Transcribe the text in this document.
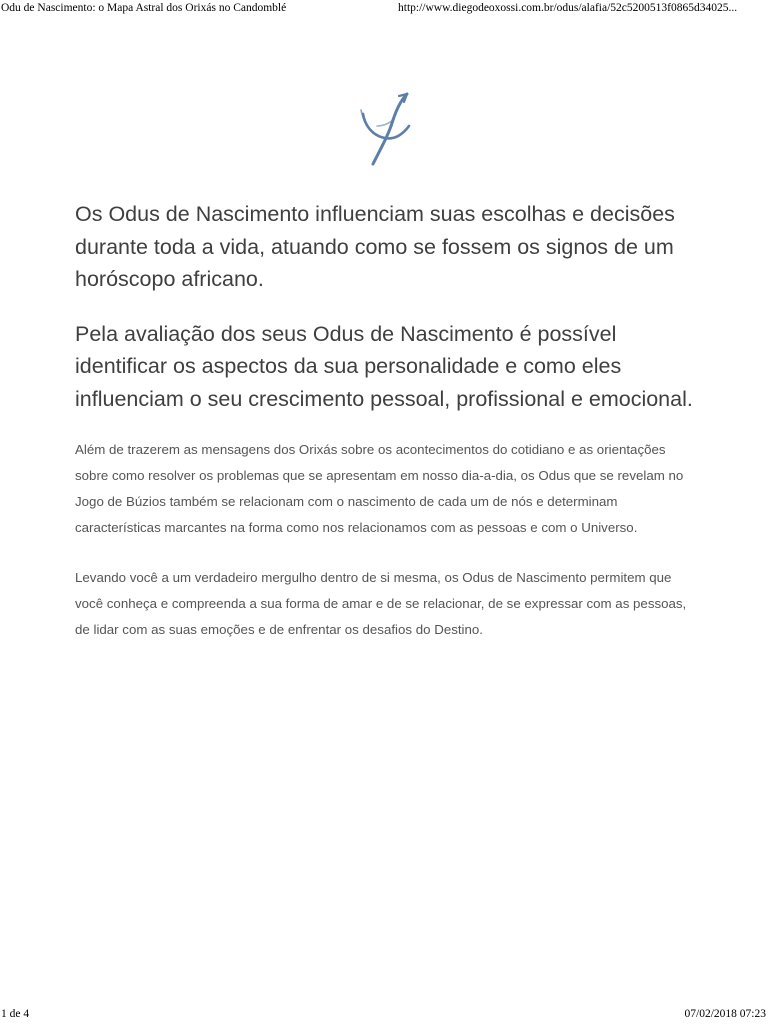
Odu de Nascimento: o Mapa Astral dos Orixás no Candomblé	http://www.diegodeoxossi.com.br/odus/alafia/52c5200513f0865d34025...

Os Odus de Nascimento influenciam suas escolhas e decisões durante toda a vida, atuando como se fossem os signos de um horóscopo africano.

Pela avaliação dos seus Odus de Nascimento é possível identificar os aspectos da sua personalidade e como eles influenciam o seu crescimento pessoal, profissional e emocional.

Além de trazerem as mensagens dos Orixás sobre os acontecimentos do cotidiano e as orientações sobre como resolver os problemas que se apresentam em nosso dia-a-dia, os Odus que se revelam no Jogo de Búzios também se relacionam com o nascimento de cada um de nós e determinam características marcantes na forma como nos relacionamos com as pessoas e com o Universo.

Levando você a um verdadeiro mergulho dentro de si mesma, os Odus de Nascimento permitem que você conheça e compreenda a sua forma de amar e de se relacionar, de se expressar com as pessoas, de lidar com as suas emoções e de enfrentar os desafios do Destino.

1 de 4	07/02/2018 07:23
